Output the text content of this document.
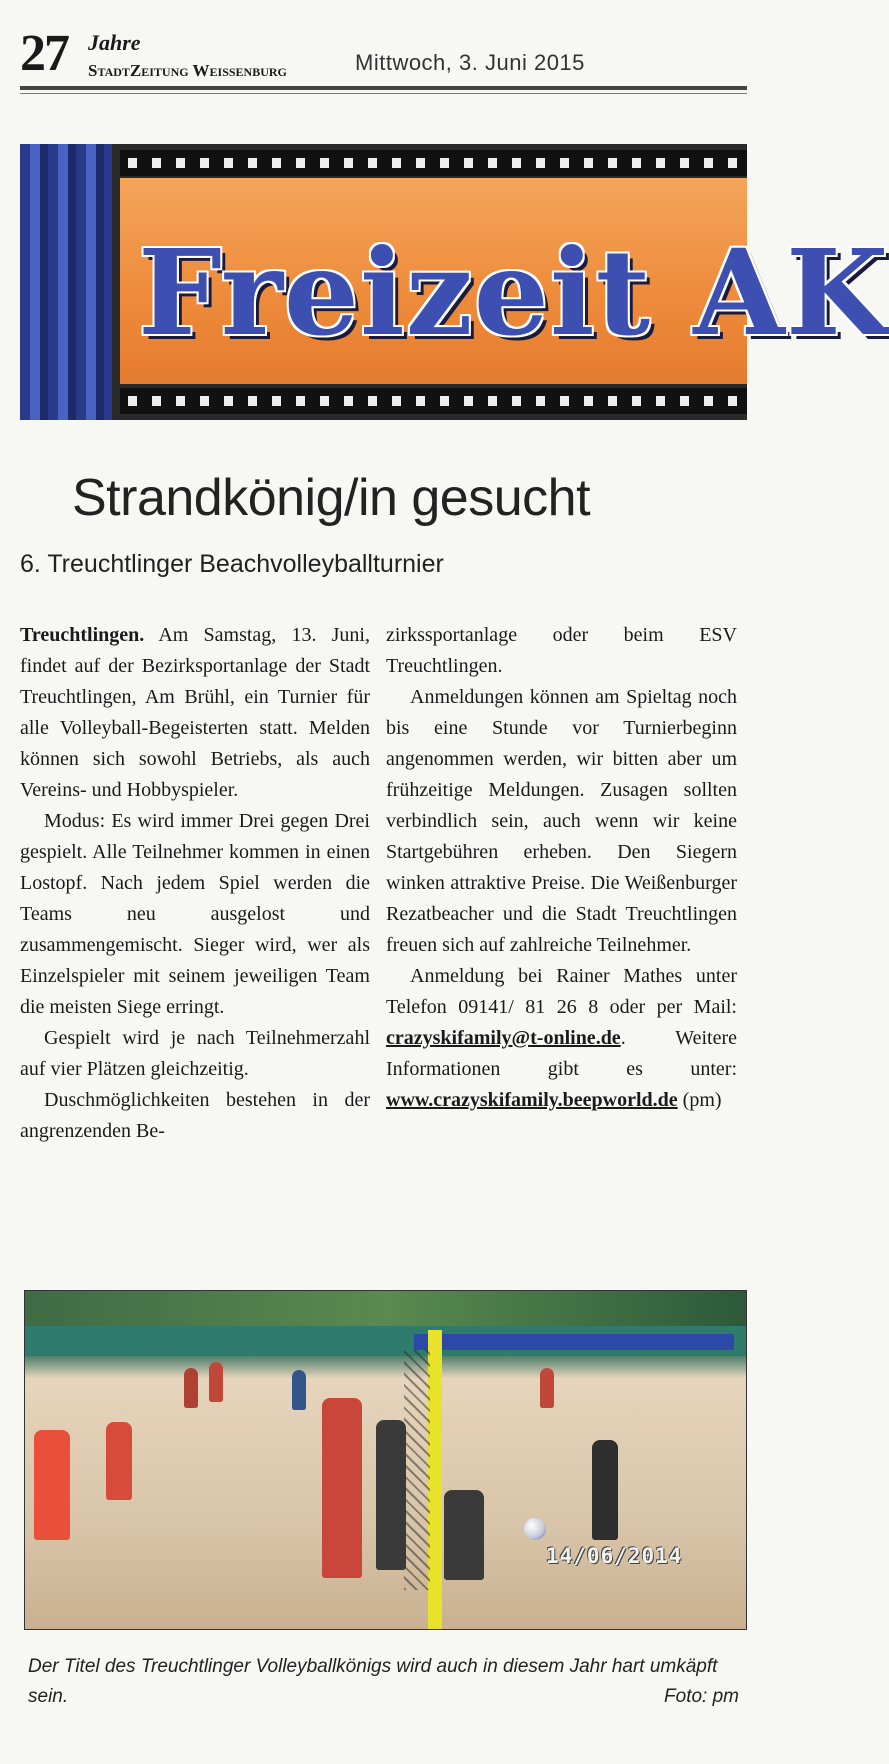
27 Jahre
StadtZeitung Weißenburg	Mittwoch, 3. Juni 2015
Freizeit AK
Strandkönig/in gesucht
6. Treuchtlinger Beachvolleyballturnier

Treuchtlingen. Am Samstag, 13. Juni, findet auf der Bezirksportanlage der Stadt Treuchtlingen, Am Brühl, ein Turnier für alle Volleyball-Begeisterten statt. Melden können sich sowohl Betriebs, als auch Vereins- und Hobbyspieler.

Modus: Es wird immer Drei gegen Drei gespielt. Alle Teilnehmer kommen in einen Lostopf. Nach jedem Spiel werden die Teams neu ausgelost und zusammengemischt. Sieger wird, wer als Einzelspieler mit seinem jeweiligen Team die meisten Siege erringt.

Gespielt wird je nach Teilnehmerzahl auf vier Plätzen gleichzeitig.

Duschmöglichkeiten bestehen in der angrenzenden Be-

zirkssportanlage oder beim ESV Treuchtlingen.

Anmeldungen können am Spieltag noch bis eine Stunde vor Turnierbeginn angenommen werden, wir bitten aber um frühzeitige Meldungen. Zusagen sollten verbindlich sein, auch wenn wir keine Startgebühren erheben. Den Siegern winken attraktive Preise. Die Weißenburger Rezatbeacher und die Stadt Treuchtlingen freuen sich auf zahlreiche Teilnehmer.

Anmeldung bei Rainer Mathes unter Telefon 09141/ 81 26 8 oder per Mail: crazyskifamily@t-online.de. Weitere Informationen gibt es unter: www.crazyskifamily.beepworld.de (pm)

14/06/2014
Der Titel des Treuchtlinger Volleyballkönigs wird auch in diesem Jahr hart umkäpft sein.	Foto: pm
